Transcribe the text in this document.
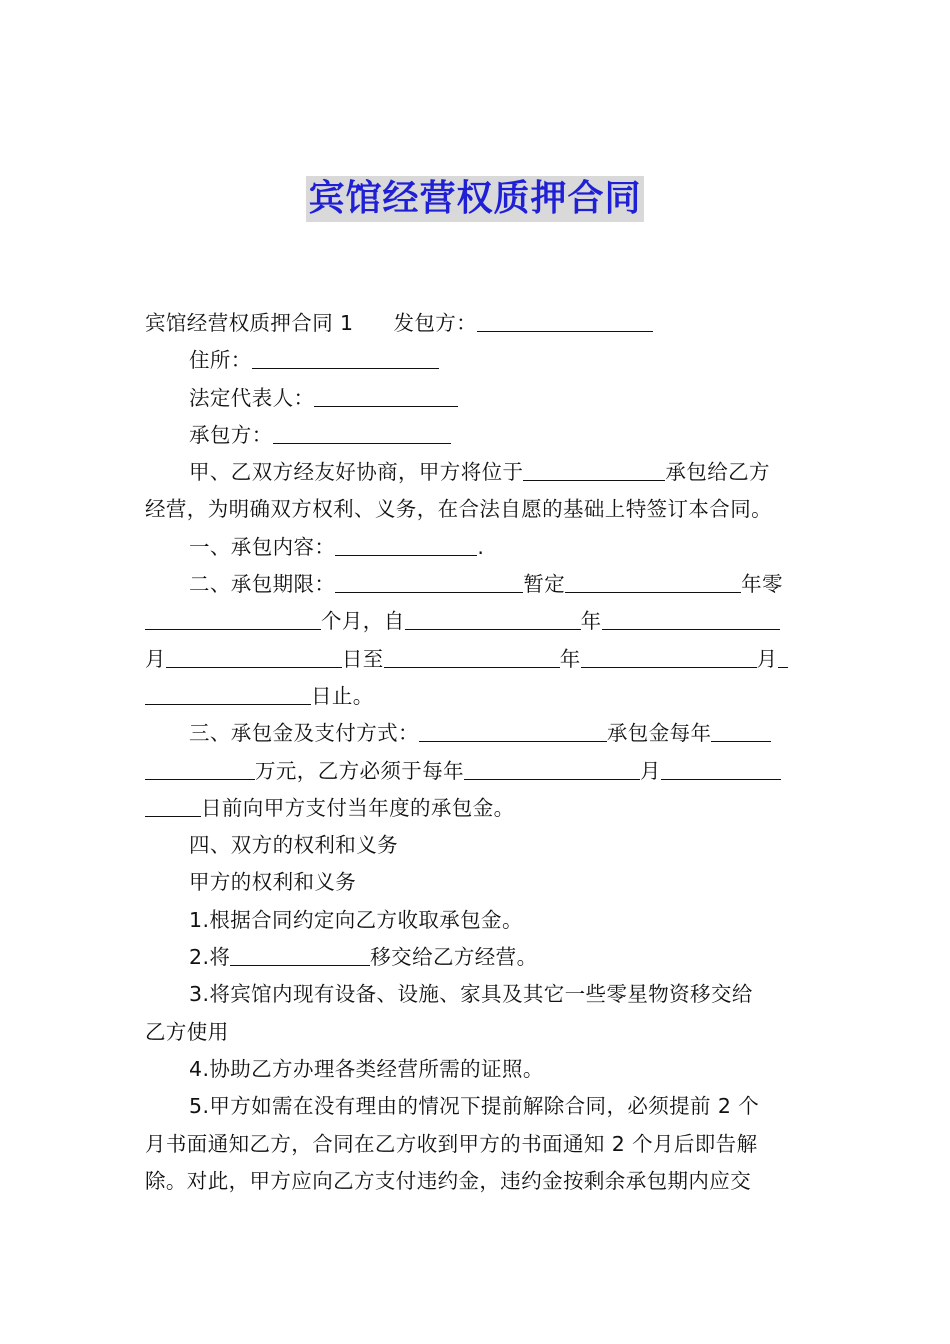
宾馆经营权质押合同

宾馆经营权质押合同 1 发包方：

住所：

法定代表人：

承包方：

甲、乙双方经友好协商，甲方将位于	承包给乙方

经营，为明确双方权利、义务，在合法自愿的基础上特签订本合同。

一、承包内容：	.

二、承包期限：	暂定	年零

个月，自	年

月	日至	年	月

日止。

三、承包金及支付方式：	承包金每年

万元，乙方必须于每年	月

日前向甲方支付当年度的承包金。

四、双方的权利和义务

甲方的权利和义务

1.根据合同约定向乙方收取承包金。

2.将	移交给乙方经营。

3.将宾馆内现有设备、设施、家具及其它一些零星物资移交给

乙方使用

4.协助乙方办理各类经营所需的证照。

5.甲方如需在没有理由的情况下提前解除合同，必须提前 2 个

月书面通知乙方，合同在乙方收到甲方的书面通知 2 个月后即告解

除。对此，甲方应向乙方支付违约金，违约金按剩余承包期内应交
